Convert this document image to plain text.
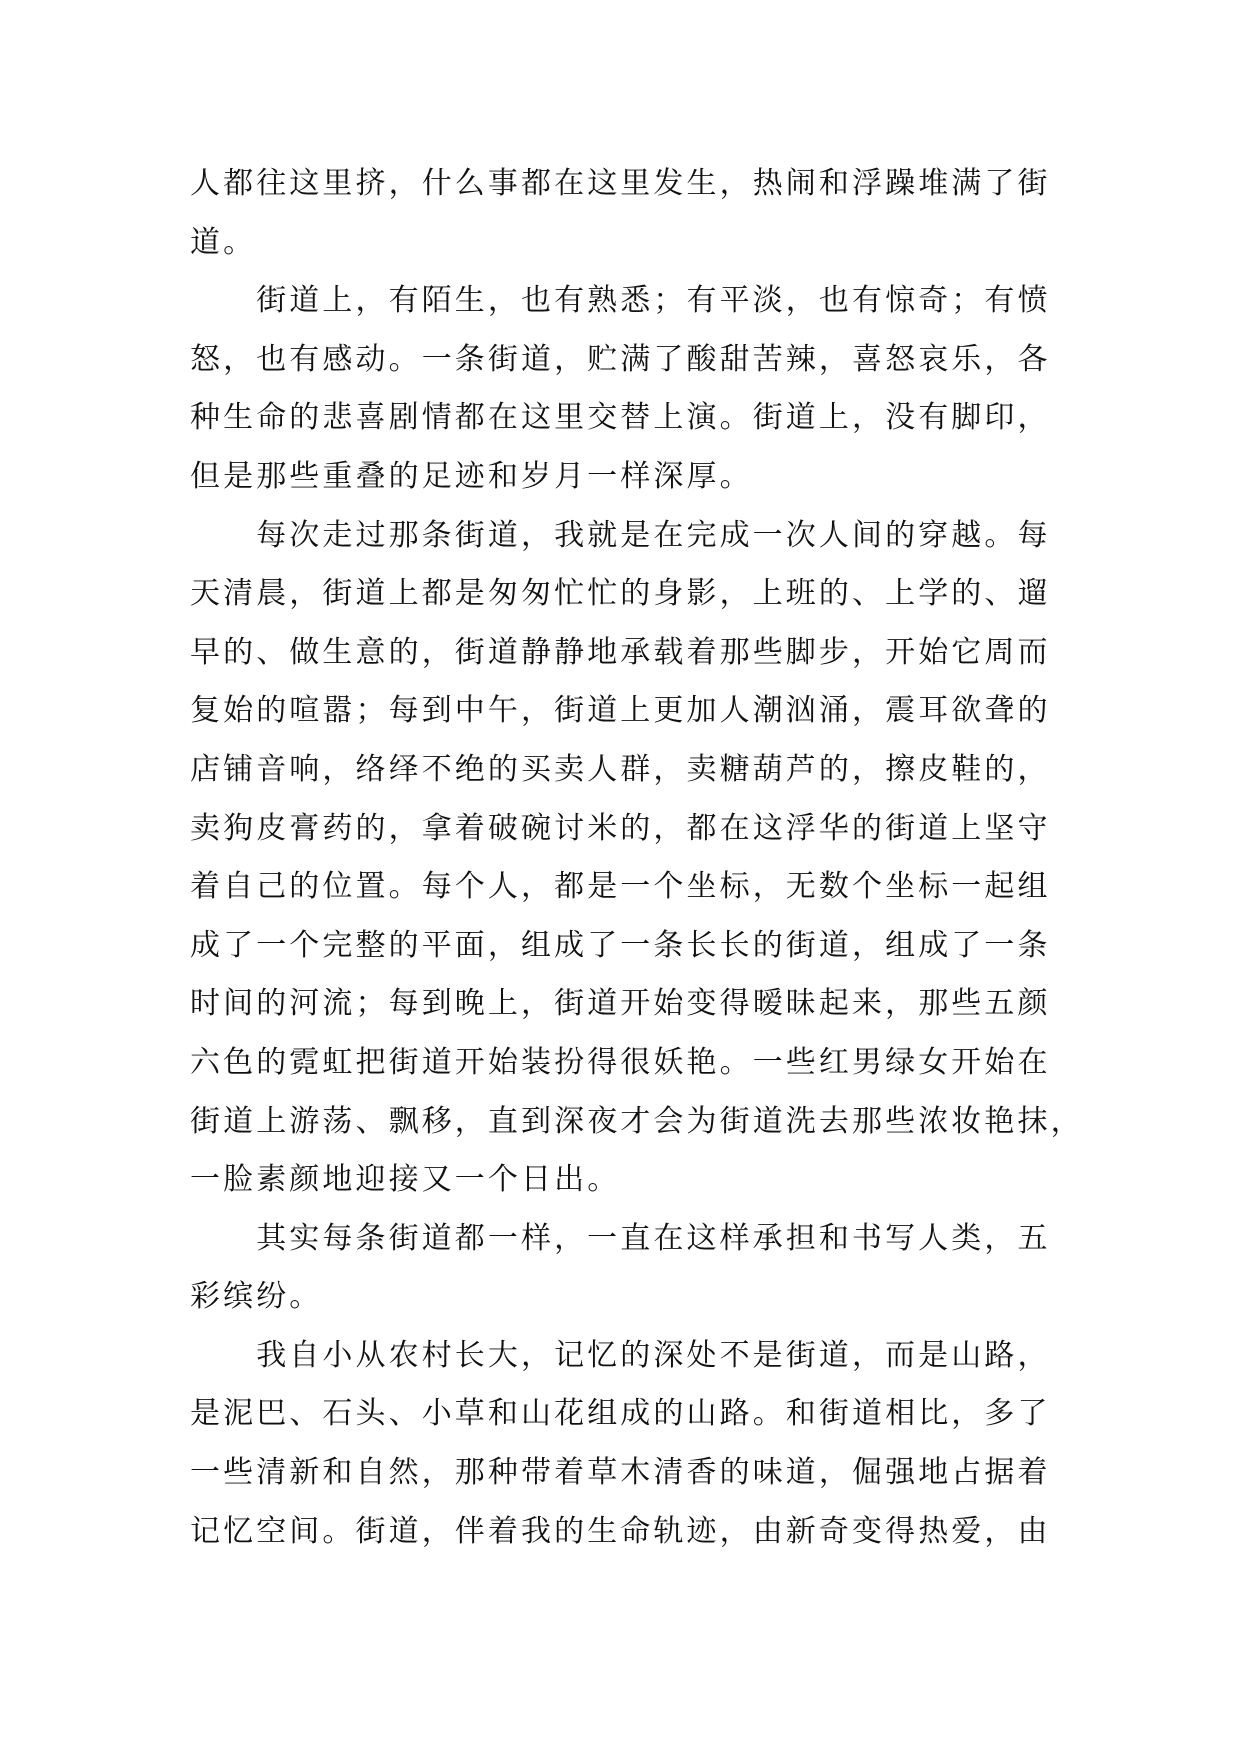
人都往这里挤，什么事都在这里发生，热闹和浮躁堆满了街
道。
街道上，有陌生，也有熟悉；有平淡，也有惊奇；有愤
怒，也有感动。一条街道，贮满了酸甜苦辣，喜怒哀乐，各
种生命的悲喜剧情都在这里交替上演。街道上，没有脚印，
但是那些重叠的足迹和岁月一样深厚。
每次走过那条街道，我就是在完成一次人间的穿越。每
天清晨，街道上都是匆匆忙忙的身影，上班的、上学的、遛
早的、做生意的，街道静静地承载着那些脚步，开始它周而
复始的喧嚣；每到中午，街道上更加人潮汹涌，震耳欲聋的
店铺音响，络绎不绝的买卖人群，卖糖葫芦的，擦皮鞋的，
卖狗皮膏药的，拿着破碗讨米的，都在这浮华的街道上坚守
着自己的位置。每个人，都是一个坐标，无数个坐标一起组
成了一个完整的平面，组成了一条长长的街道，组成了一条
时间的河流；每到晚上，街道开始变得暧昧起来，那些五颜
六色的霓虹把街道开始装扮得很妖艳。一些红男绿女开始在
街道上游荡、飘移，直到深夜才会为街道洗去那些浓妆艳抹，
一脸素颜地迎接又一个日出。
其实每条街道都一样，一直在这样承担和书写人类，五
彩缤纷。
我自小从农村长大，记忆的深处不是街道，而是山路，
是泥巴、石头、小草和山花组成的山路。和街道相比，多了
一些清新和自然，那种带着草木清香的味道，倔强地占据着
记忆空间。街道，伴着我的生命轨迹，由新奇变得热爱，由
